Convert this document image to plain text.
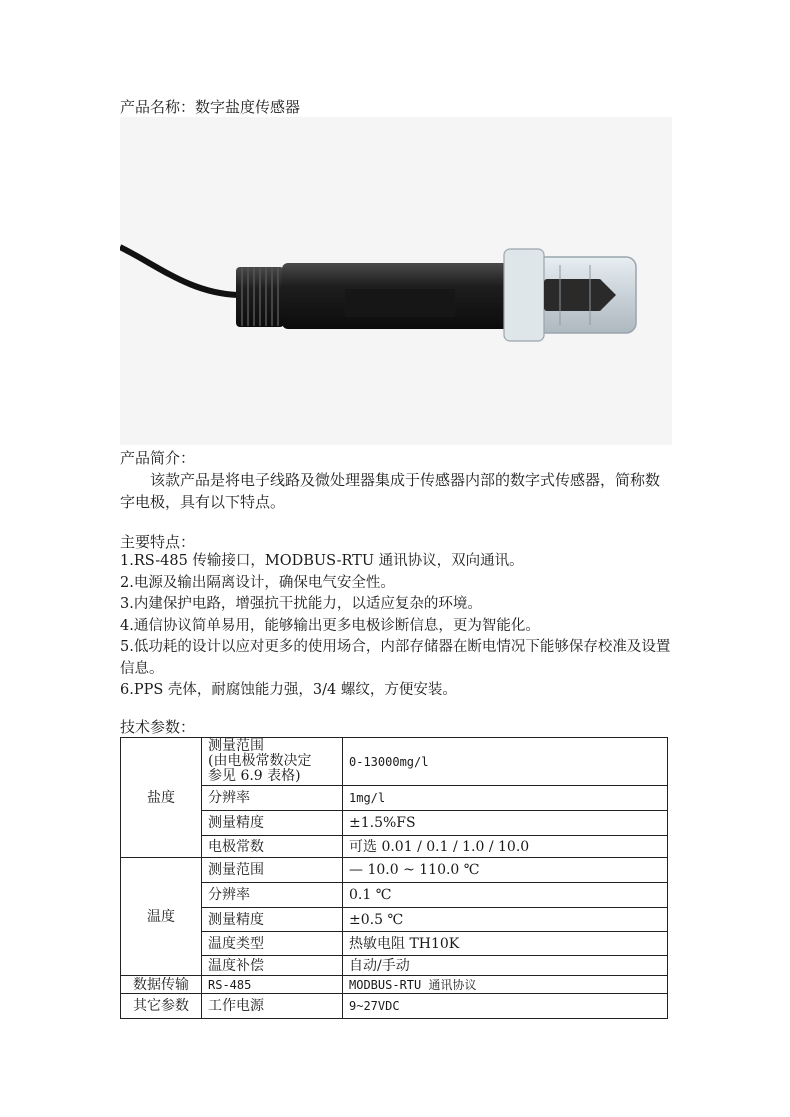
产品名称：数字盐度传感器
产品简介：
该款产品是将电子线路及微处理器集成于传感器内部的数字式传感器，简称数字电极，具有以下特点。
主要特点：
1.RS-485 传输接口，MODBUS-RTU 通讯协议，双向通讯。
2.电源及输出隔离设计，确保电气安全性。
3.内建保护电路，增强抗干扰能力，以适应复杂的环境。
4.通信协议简单易用，能够输出更多电极诊断信息，更为智能化。
5.低功耗的设计以应对更多的使用场合，内部存储器在断电情况下能够保存校准及设置信息。
6.PPS 壳体，耐腐蚀能力强，3/4 螺纹，方便安装。
技术参数：
盐度	测量范围
(由电极常数决定
参见 6.9 表格)	0-13000mg/l
	分辨率	1mg/l
	测量精度	±1.5%FS
	电极常数	可选 0.01 / 0.1 / 1.0 / 10.0
温度	测量范围	— 10.0 ~ 110.0 ℃
	分辨率	0.1 ℃
	测量精度	±0.5 ℃
	温度类型	热敏电阻 TH10K
	温度补偿	自动/手动
数据传输	RS-485	MODBUS-RTU 通讯协议
其它参数	工作电源	9~27VDC
